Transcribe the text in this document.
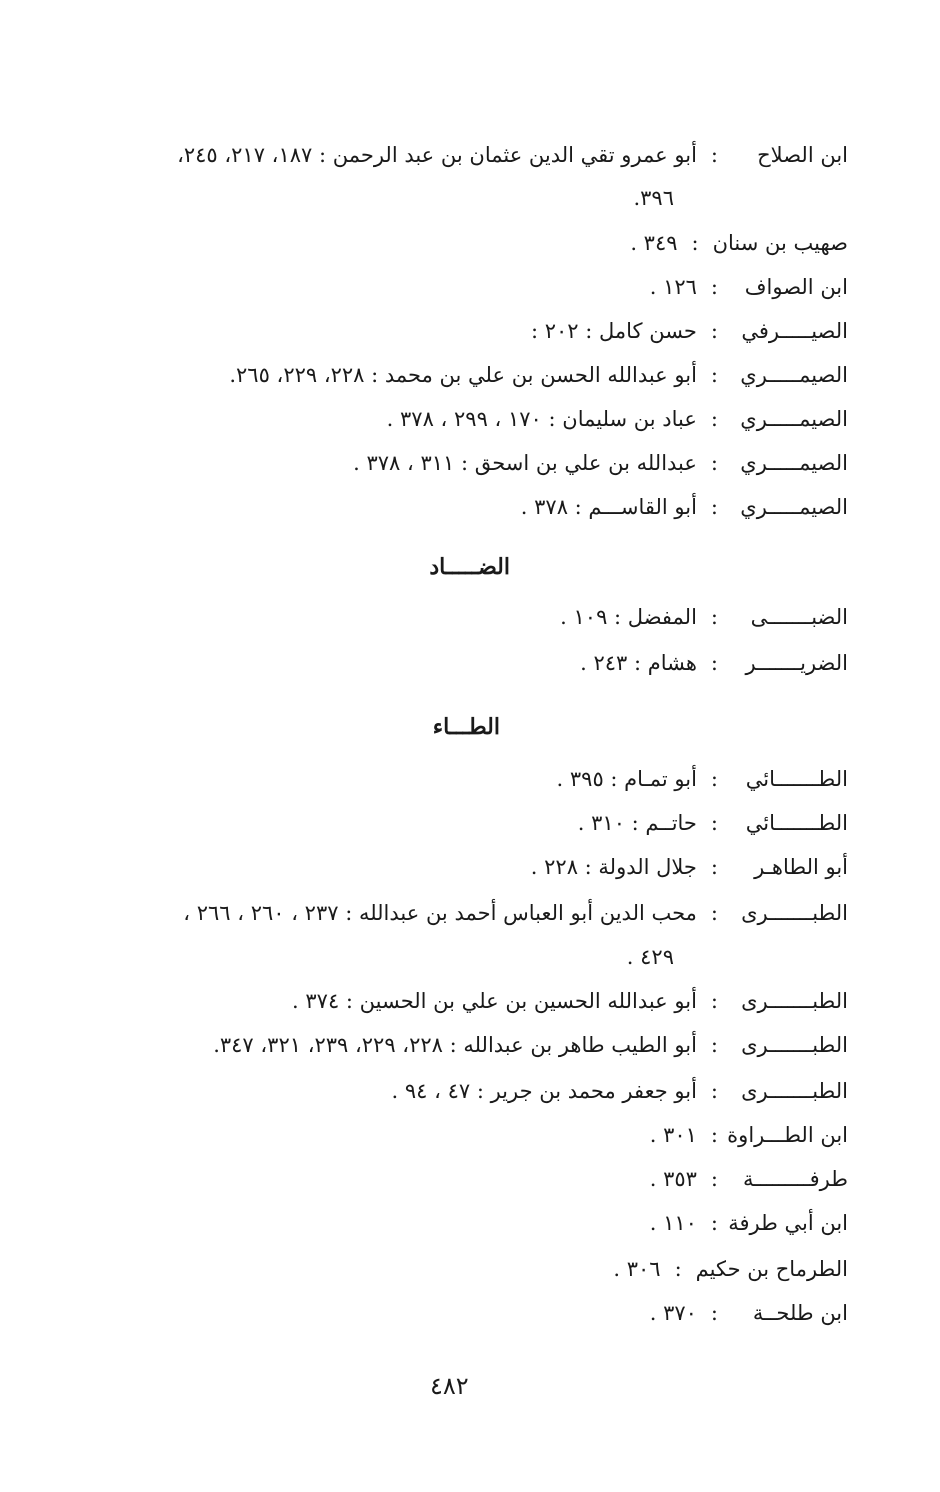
ابن الصلاح:أبو عمرو تقي الدين عثمان بن عبد الرحمن : ١٨٧، ٢١٧، ٢٤٥،
٣٩٦.
صهيب بن سنان:٣٤٩ .
ابن الصواف:١٢٦ .
الصيـــــرفي:حسن كامل : ٢٠٢ :
الصيمـــــري:أبو عبدالله الحسن بن علي بن محمد : ٢٢٨، ٢٢٩، ٢٦٥.
الصيمـــــري:عباد بن سليمان : ١٧٠ ، ٢٩٩ ، ٣٧٨ .
الصيمـــــري:عبدالله بن علي بن اسحق : ٣١١ ، ٣٧٨ .
الصيمـــــري:أبو القاســـم : ٣٧٨ .
الضـــــاد
الضبـــــــى:المفضل : ١٠٩ .
الضريـــــــر:هشام : ٢٤٣ .
الطـــاء
الطـــــــائي:أبو تمـام : ٣٩٥ .
الطـــــــائي:حاتــم : ٣١٠ .
أبو الطاهـر:جلال الدولة : ٢٢٨ .
الطبـــــــرى:محب الدين أبو العباس أحمد بن عبدالله : ٢٣٧ ، ٢٦٠ ، ٢٦٦ ،
٤٢٩ .
الطبـــــــرى:أبو عبدالله الحسين بن علي بن الحسين : ٣٧٤ .
الطبـــــــرى:أبو الطيب طاهر بن عبدالله : ٢٢٨، ٢٢٩، ٢٣٩، ٣٢١، ٣٤٧.
الطبـــــــرى:أبو جعفر محمد بن جرير : ٤٧ ، ٩٤ .
ابن الطـــراوة:٣٠١ .
طرفـــــــــة:٣٥٣ .
ابن أبي طرفة:١١٠ .
الطرماح بن حكيم:٣٠٦ .
ابن طلحــة:٣٧٠ .
٤٨٢
